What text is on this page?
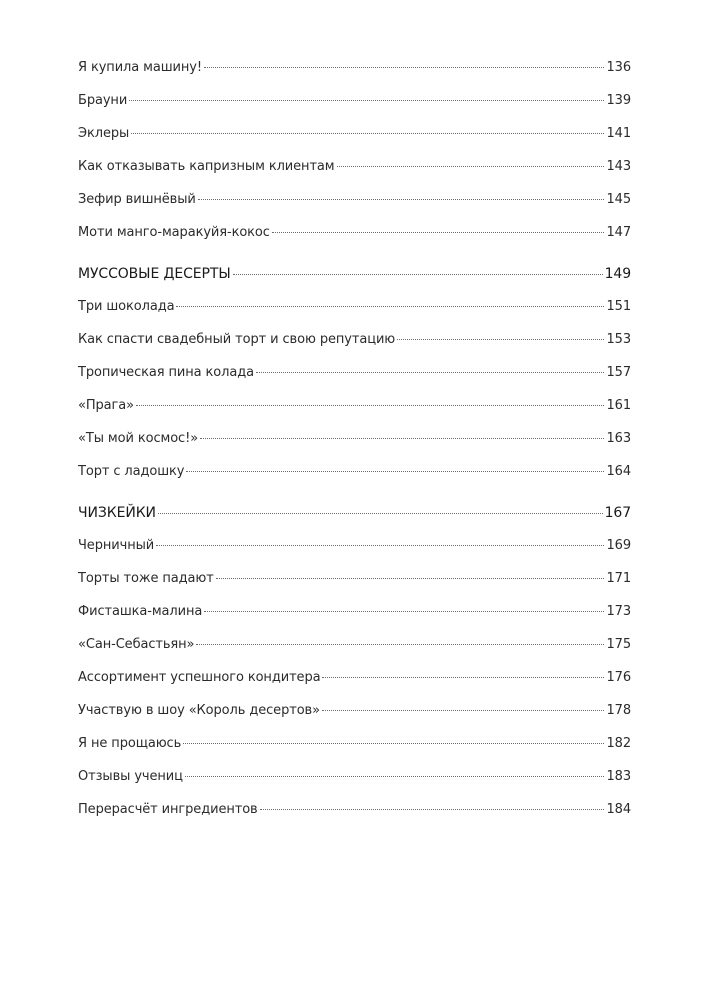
Я купила машину!	136
Брауни	139
Эклеры	141
Как отказывать капризным клиентам	143
Зефир вишнёвый	145
Моти манго-маракуйя-кокос	147
МУССОВЫЕ ДЕСЕРТЫ	149
Три шоколада	151
Как спасти свадебный торт и свою репутацию	153
Тропическая пина колада	157
«Прага»	161
«Ты мой космос!»	163
Торт с ладошку	164
ЧИЗКЕЙКИ	167
Черничный	169
Торты тоже падают	171
Фисташка-малина	173
«Сан-Себастьян»	175
Ассортимент успешного кондитера	176
Участвую в шоу «Король десертов»	178
Я не прощаюсь	182
Отзывы учениц	183
Перерасчёт ингредиентов	184
